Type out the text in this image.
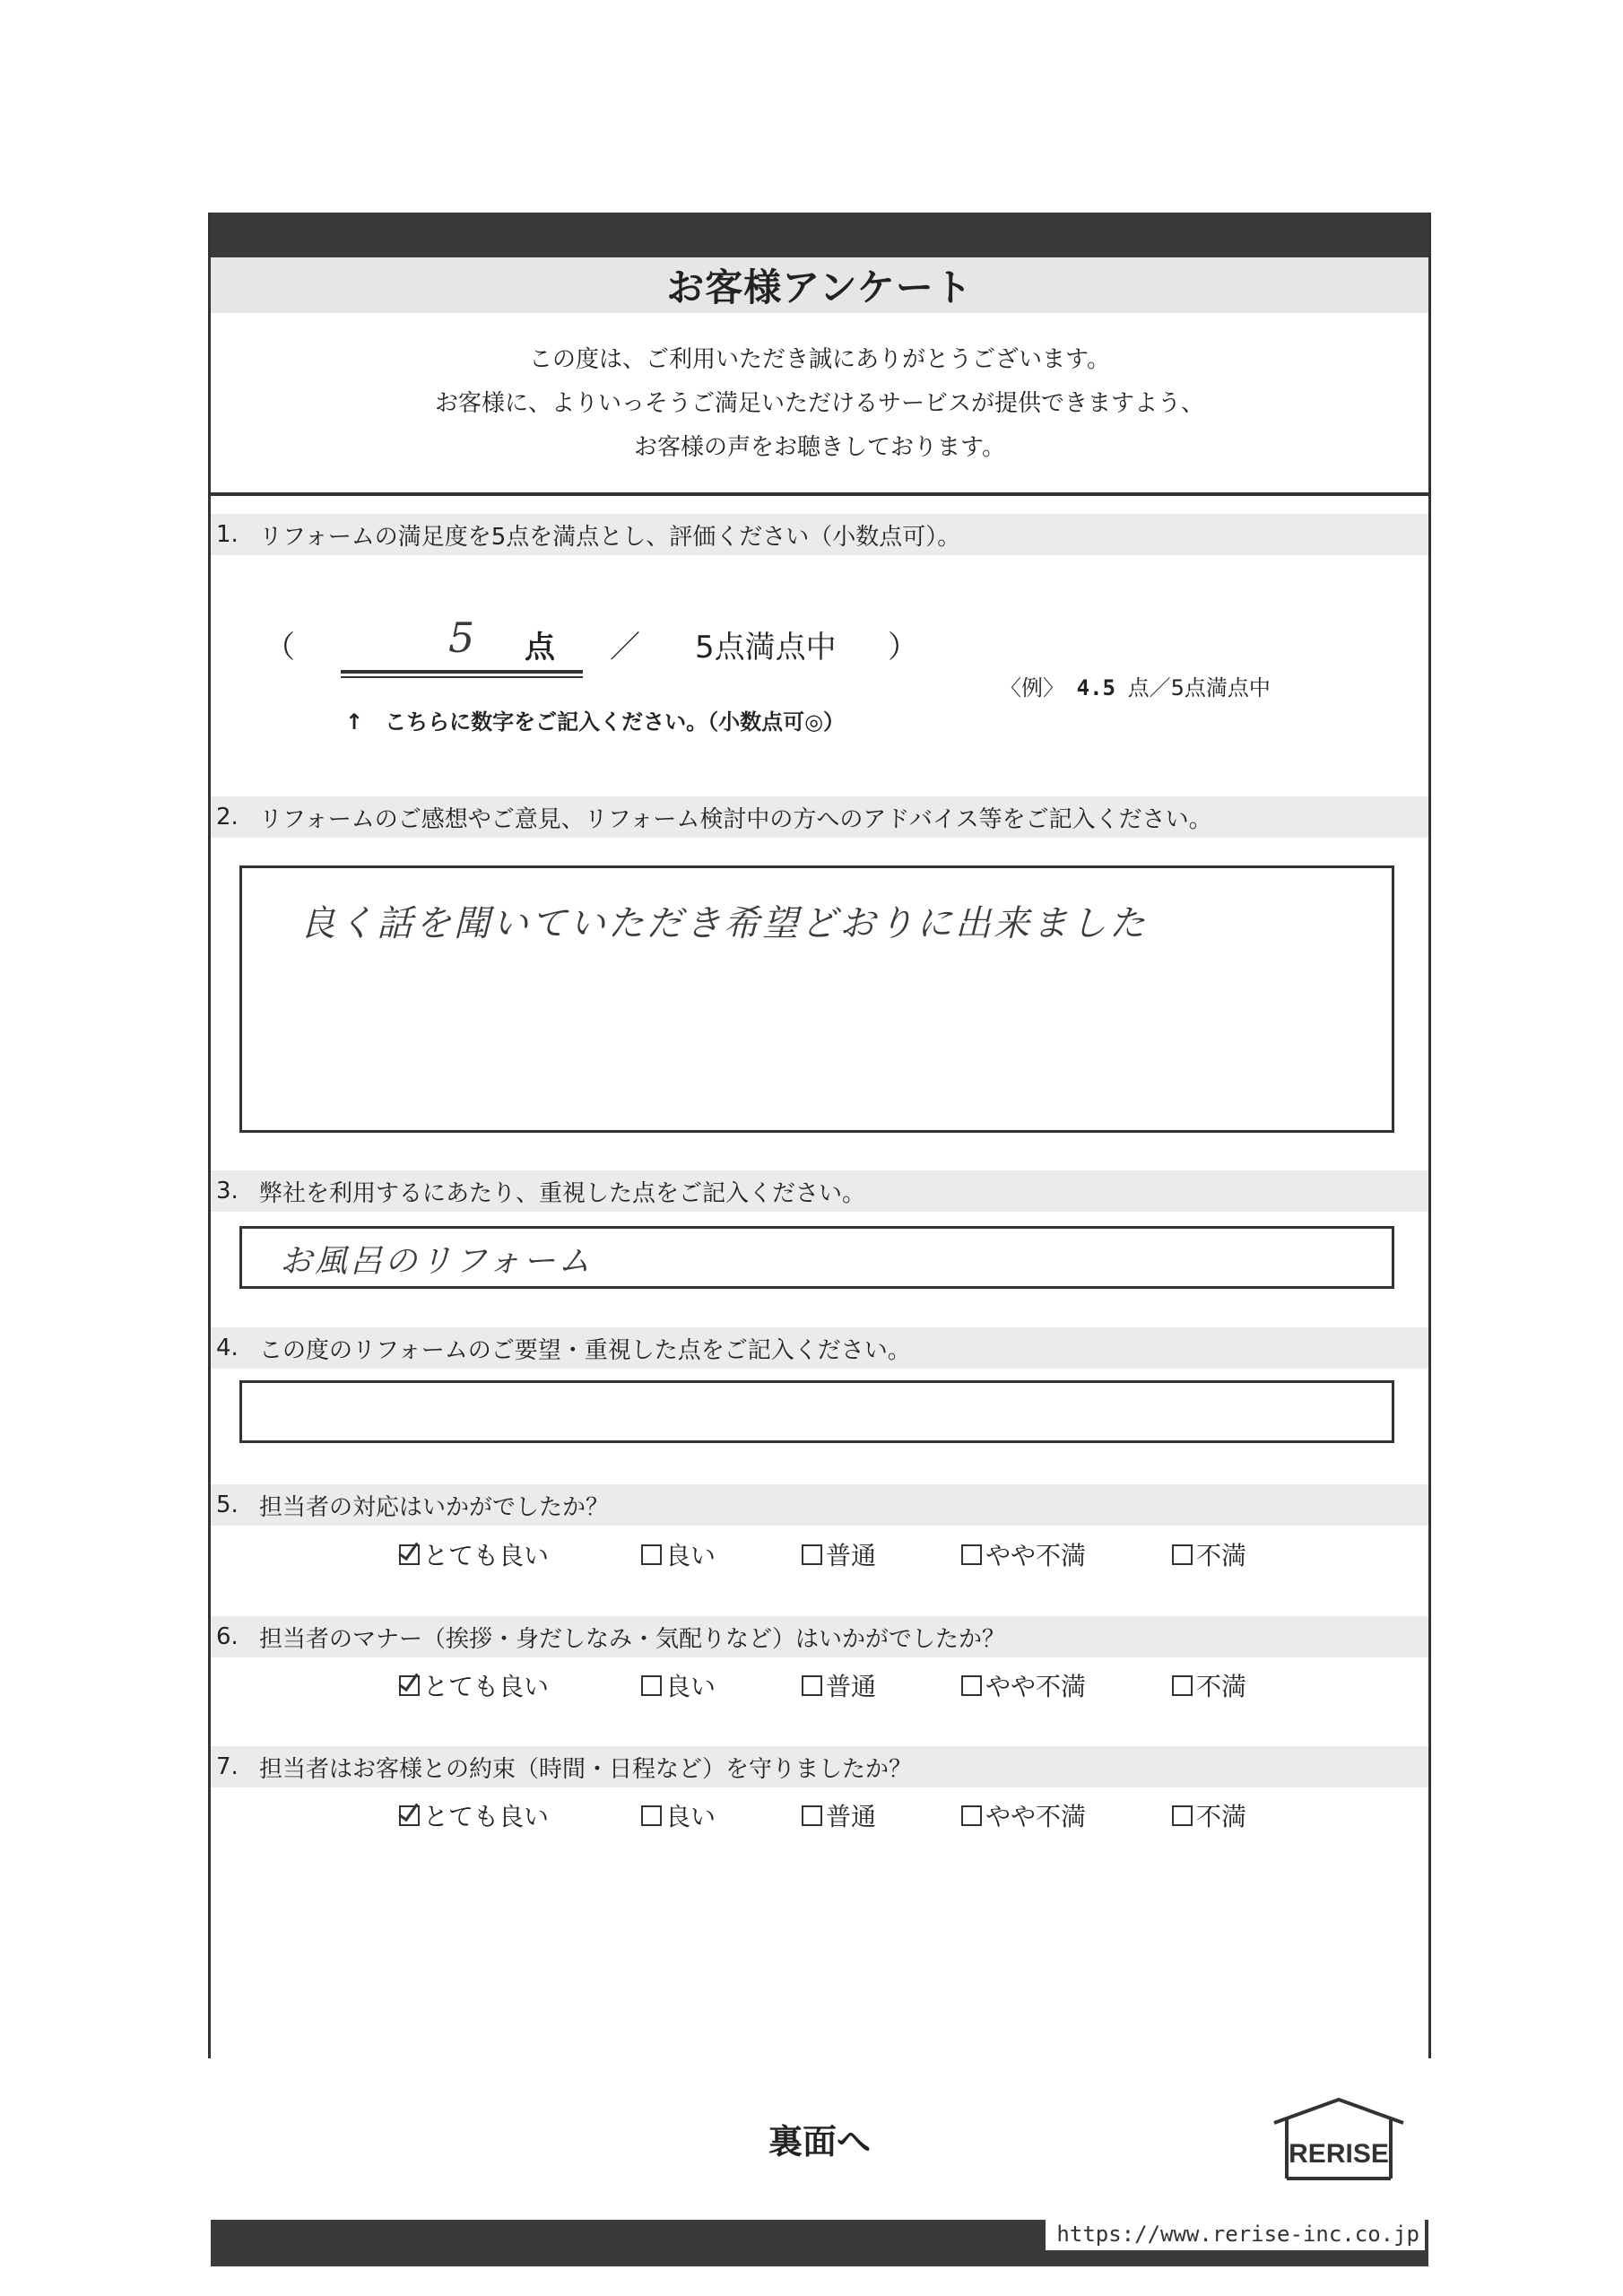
お客様アンケート
この度は、ご利用いただき誠にありがとうございます。
お客様に、よりいっそうご満足いただけるサービスが提供できますよう、
お客様の声をお聴きしております。
1. リフォームの満足度を5点を満点とし、評価ください（小数点可）。
（	5 点 ／ 5点満点中 ）
〈例〉 4.5 点／5点満点中
↑　こちらに数字をご記入ください。（小数点可◎）
2. リフォームのご感想やご意見、リフォーム検討中の方へのアドバイス等をご記入ください。
良く話を聞いていただき希望どおりに出来ました
3. 弊社を利用するにあたり、重視した点をご記入ください。
お風呂のリフォーム
4. この度のリフォームのご要望・重視した点をご記入ください。
5. 担当者の対応はいかがでしたか？
とても良い	良い	普通	やや不満	不満
6. 担当者のマナー（挨拶・身だしなみ・気配りなど）はいかがでしたか？
とても良い	良い	普通	やや不満	不満
7. 担当者はお客様との約束（時間・日程など）を守りましたか？
とても良い	良い	普通	やや不満	不満
裏面へ	RERISE
https://www.rerise-inc.co.jp
